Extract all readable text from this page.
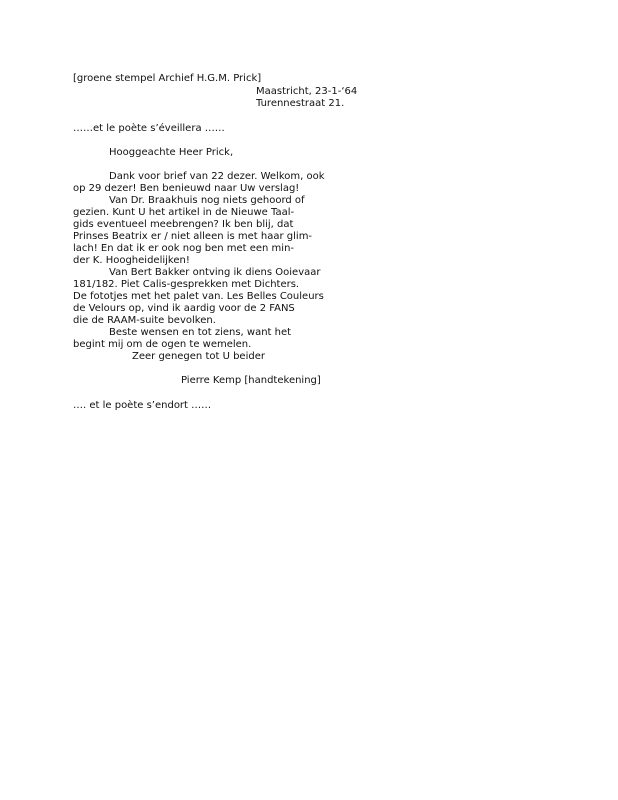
[groene stempel Archief H.G.M. Prick]
Maastricht, 23-1-‘64
Turennestraat 21.
……et le poète s’éveillera ……
Hooggeachte Heer Prick,
Dank voor brief van 22 dezer. Welkom, ook
op 29 dezer! Ben benieuwd naar Uw verslag!
Van Dr. Braakhuis nog niets gehoord of
gezien. Kunt U het artikel in de Nieuwe Taal-
gids eventueel meebrengen? Ik ben blij, dat
Prinses Beatrix er / niet alleen is met haar glim-
lach! En dat ik er ook nog ben met een min-
der K. Hoogheidelijken!
Van Bert Bakker ontving ik diens Ooievaar
181/182. Piet Calis-gesprekken met Dichters.
De fototjes met het palet van. Les Belles Couleurs
de Velours op, vind ik aardig voor de 2 FANS
die de RAAM-suite bevolken.
Beste wensen en tot ziens, want het
begint mij om de ogen te wemelen.
Zeer genegen tot U beider
Pierre Kemp [handtekening]
…. et le poète s’endort ……
